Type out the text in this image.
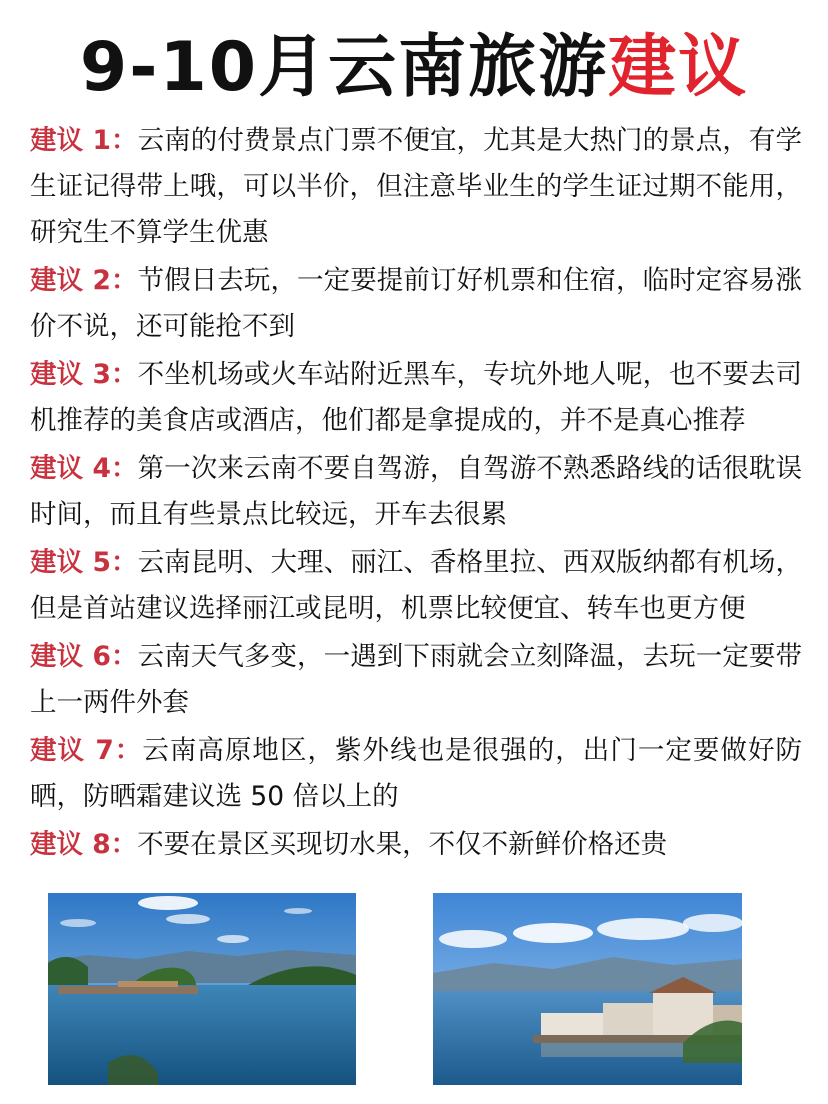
9-10月云南旅游建议

建议 1：云南的付费景点门票不便宜，尤其是大热门的景点，有学生证记得带上哦，可以半价，但注意毕业生的学生证过期不能用，研究生不算学生优惠

建议 2：节假日去玩，一定要提前订好机票和住宿，临时定容易涨价不说，还可能抢不到

建议 3：不坐机场或火车站附近黑车，专坑外地人呢，也不要去司机推荐的美食店或酒店，他们都是拿提成的，并不是真心推荐

建议 4：第一次来云南不要自驾游，自驾游不熟悉路线的话很耽误时间，而且有些景点比较远，开车去很累

建议 5：云南昆明、大理、丽江、香格里拉、西双版纳都有机场，但是首站建议选择丽江或昆明，机票比较便宜、转车也更方便

建议 6：云南天气多变，一遇到下雨就会立刻降温，去玩一定要带上一两件外套

建议 7：云南高原地区，紫外线也是很强的，出门一定要做好防晒，防晒霜建议选 50 倍以上的

建议 8：不要在景区买现切水果，不仅不新鲜价格还贵
